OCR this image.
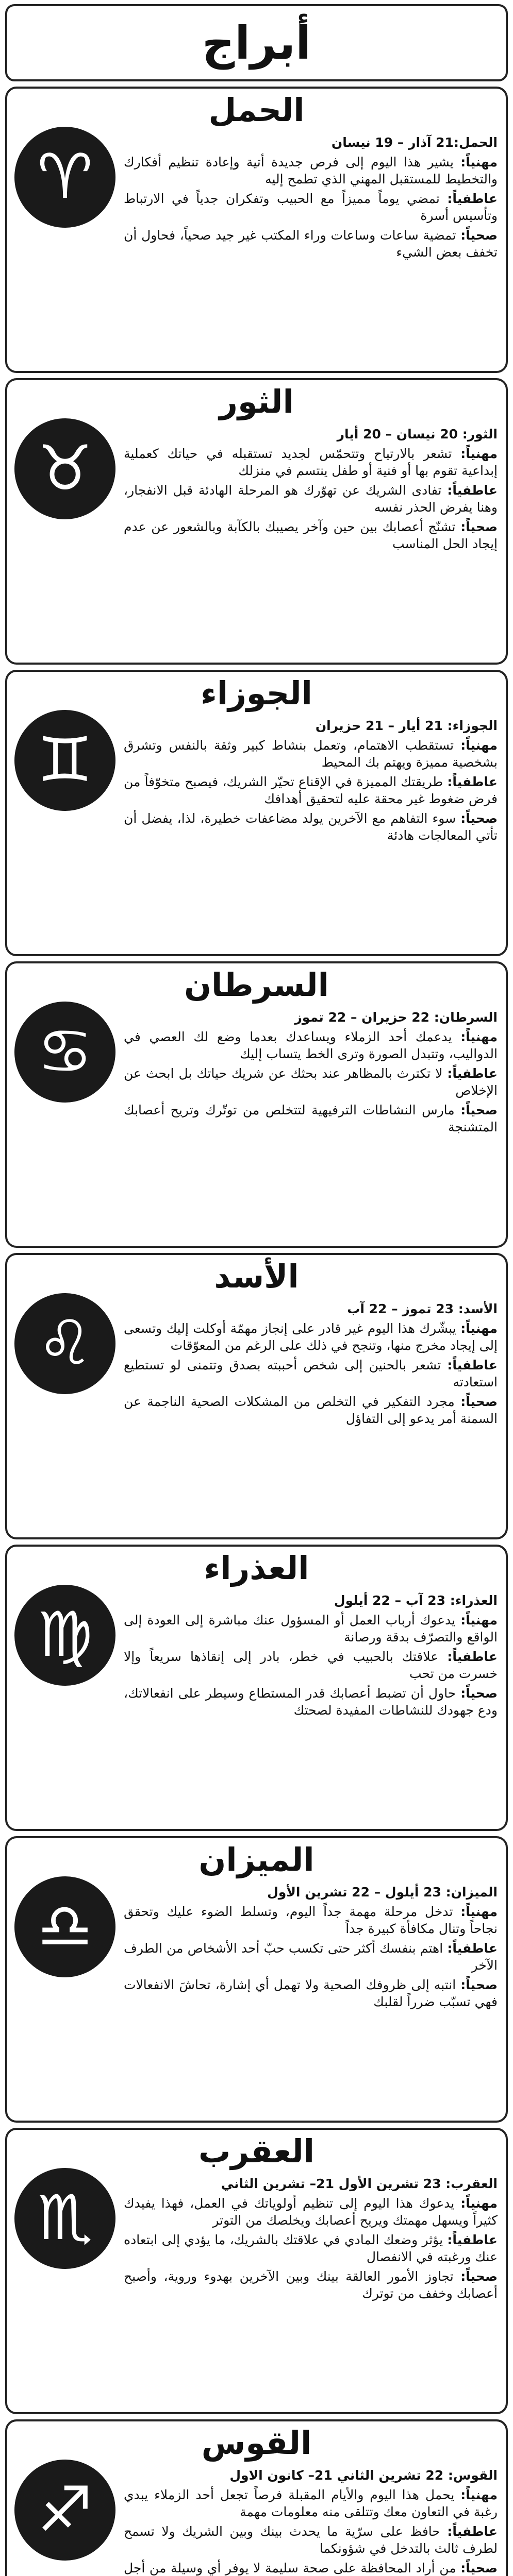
أبراج
الحمل
♈	الحمل:21 آذار – 19 نيسان

مهنياً: يشير هذا اليوم إلى فرص جديدة أتية وإعادة تنظيم أفكارك والتخطيط للمستقبل المهني الذي تطمح إليه

عاطفياً: تمضي يوماً مميزاً مع الحبيب وتفكران جدياً في الارتباط وتأسيس أسرة

صحياً: تمضية ساعات وساعات وراء المكتب غير جيد صحياً، فحاول أن تخفف بعض الشيء

الثور
♉	الثور: 20 نيسان – 20 أيار

مهنياً: تشعر بالارتياح وتتحمّس لجديد تستقبله في حياتك كعملية إبداعية تقوم بها أو فنية أو طفل ينتسم في منزلك

عاطفياً: تفادى الشريك عن تهوّرك هو المرحلة الهادئة قبل الانفجار، وهنا يفرض الحذر نفسه

صحياً: تشنّج أعصابك بين حين وآخر يصيبك بالكآبة وبالشعور عن عدم إيجاد الحل المناسب

الجوزاء
♊	الجوزاء: 21 أيار – 21 حزيران

مهنياً: تستقطب الاهتمام، وتعمل بنشاط كبير وثقة بالنفس وتشرق بشخصية مميزة ويهتم بك المحيط

عاطفياً: طريقتك المميزة في الإقناع تحيّر الشريك، فيصبح متخوّفاً من فرض ضغوط غير محقة عليه لتحقيق أهدافك

صحياً: سوء التفاهم مع الآخرين يولد مضاعفات خطيرة، لذا، يفضل أن تأتي المعالجات هادئة

السرطان
♋	السرطان: 22 حزيران – 22 تموز

مهنياً: يدعمك أحد الزملاء ويساعدك بعدما وضع لك العصي في الدواليب، وتتبدل الصورة وترى الخط يتساب إليك

عاطفياً: لا تكترث بالمظاهر عند بحثك عن شريك حياتك بل ابحث عن الإخلاص

صحياً: مارس النشاطات الترفيهية لتتخلص من توتّرك وتريح أعصابك المتشنجة

الأسد
♌	الأسد: 23 تموز – 22 آب

مهنياً: يبشّرك هذا اليوم غير قادر على إنجاز مهمّة أوكلت إليك وتسعى إلى إيجاد مخرج منها، وتنجح في ذلك على الرغم من المعوّقات

عاطفياً: تشعر بالحنين إلى شخص أحببته بصدق وتتمنى لو تستطيع استعادته

صحياً: مجرد التفكير في التخلص من المشكلات الصحية الناجمة عن السمنة أمر يدعو إلى التفاؤل

العذراء
♍	العذراء: 23 آب – 22 أيلول

مهنياً: يدعوك أرباب العمل أو المسؤول عنك مباشرة إلى العودة إلى الواقع والتصرّف بدقة ورصانة

عاطفياً: علاقتك بالحبيب في خطر، بادر إلى إنقاذها سريعاً وإلا خسرت من تحب

صحياً: حاول أن تضبط أعصابك قدر المستطاع وسيطر على انفعالاتك، ودع جهودك للنشاطات المفيدة لصحتك

الميزان
♎	الميزان: 23 أيلول – 22 تشرين الأول

مهنياً: تدخل مرحلة مهمة جداً اليوم، وتسلط الضوء عليك وتحقق نجاحاً وتنال مكافأة كبيرة جداً

عاطفياً: اهتم بنفسك أكثر حتى تكسب حبّ أحد الأشخاص من الطرف الآخر

صحياً: انتبه إلى ظروفك الصحية ولا تهمل أي إشارة، تحاشَ الانفعالات فهي تسبّب ضرراً لقلبك

العقرب
♏	العقرب: 23 تشرين الأول 21– تشرين الثاني

مهنياً: يدعوك هذا اليوم إلى تنظيم أولوياتك في العمل، فهذا يفيدك كثيراً ويسهل مهمتك ويريح أعصابك ويخلصك من التوتر

عاطفياً: يؤثر وضعك المادي في علاقتك بالشريك، ما يؤدي إلى ابتعاده عنك ورغبته في الانفصال

صحياً: تجاوز الأمور العالقة بينك وبين الآخرين بهدوء وروية، وأصبح أعصابك وخفف من توترك

القوس
♐	القوس: 22 تشرين الثاني 21– كانون الاول

مهنياً: يحمل هذا اليوم والأيام المقبلة فرصاً تجعل أحد الزملاء يبدي رغبة في التعاون معك وتتلقى منه معلومات مهمة

عاطفياً: حافظ على سرّية ما يحدث بينك وبين الشريك ولا تسمح لطرف ثالث بالتدخل في شؤونكما

صحياً: من أراد المحافظة على صحة سليمة لا يوفر أي وسيلة من أجل
